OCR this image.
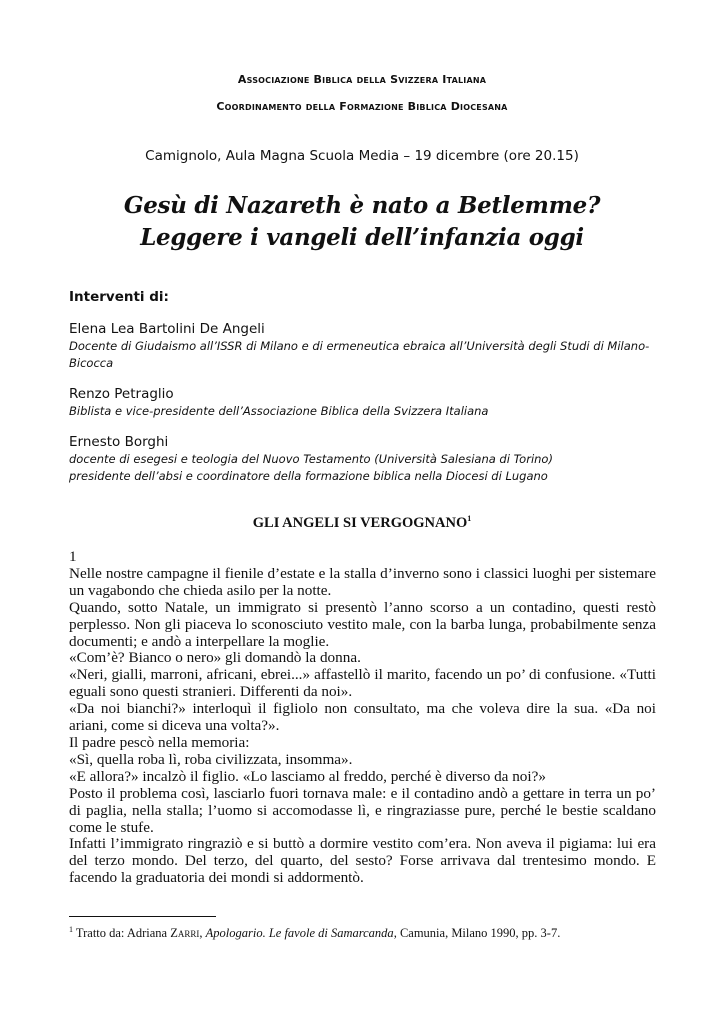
Associazione Biblica della Svizzera Italiana
Coordinamento della Formazione Biblica Diocesana
Camignolo, Aula Magna Scuola Media – 19 dicembre (ore 20.15)
Gesù di Nazareth è nato a Betlemme?
Leggere i vangeli dell’infanzia oggi
Interventi di:
Elena Lea Bartolini De Angeli
Docente di Giudaismo all’ISSR di Milano e di ermeneutica ebraica all’Università degli Studi di Milano-Bicocca
Renzo Petraglio
Biblista e vice-presidente dell’Associazione Biblica della Svizzera Italiana
Ernesto Borghi
docente di esegesi e teologia del Nuovo Testamento (Università Salesiana di Torino)
presidente dell’absi e coordinatore della formazione biblica nella Diocesi di Lugano
GLI ANGELI SI VERGOGNANO$^1$

1

Nelle nostre campagne il fienile d’estate e la stalla d’inverno sono i classici luoghi per sistemare un vagabondo che chieda asilo per la notte.

Quando, sotto Natale, un immigrato si presentò l’anno scorso a un contadino, questi restò perplesso. Non gli piaceva lo sconosciuto vestito male, con la barba lunga, probabilmente senza documenti; e andò a interpellare la moglie.

«Com’è? Bianco o nero» gli domandò la donna.

«Neri, gialli, marroni, africani, ebrei...» affastellò il marito, facendo un po’ di confusione. «Tutti eguali sono questi stranieri. Differenti da noi».

«Da noi bianchi?» interloquì il figliolo non consultato, ma che voleva dire la sua. «Da noi ariani, come si diceva una volta?».

Il padre pescò nella memoria:

«Sì, quella roba lì, roba civilizzata, insomma».

«E allora?» incalzò il figlio. «Lo lasciamo al freddo, perché è diverso da noi?»

Posto il problema così, lasciarlo fuori tornava male: e il contadino andò a gettare in terra un po’ di paglia, nella stalla; l’uomo si accomodasse lì, e ringraziasse pure, perché le bestie scaldano come le stufe.

Infatti l’immigrato ringraziò e si buttò a dormire vestito com’era. Non aveva il pigiama: lui era del terzo mondo. Del terzo, del quarto, del sesto? Forse arrivava dal trentesimo mondo. E facendo la graduatoria dei mondi si addormentò.

$^1$ Tratto da: Adriana Zarri, Apologario. Le favole di Samarcanda, Camunia, Milano 1990, pp. 3-7.
